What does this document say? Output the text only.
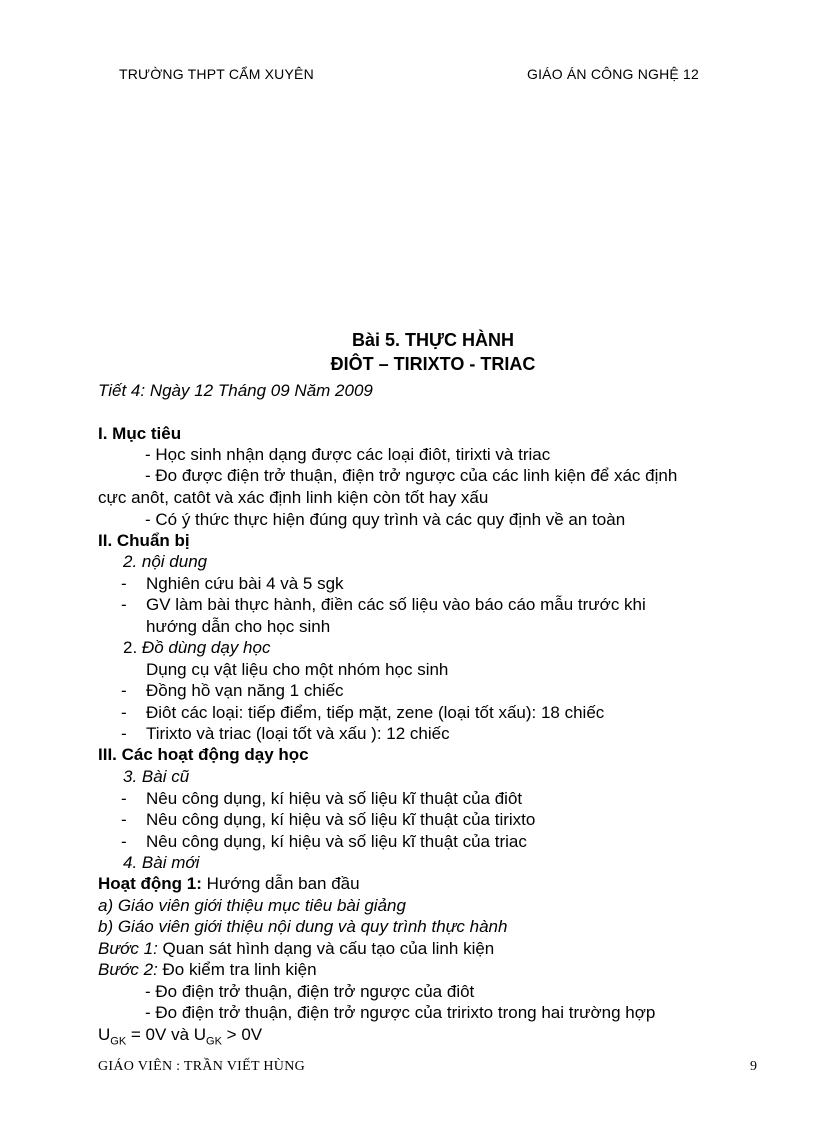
TRƯỜNG THPT CẨM XUYÊN	GIÁO ÁN CÔNG NGHỆ 12
Bài 5. THỰC HÀNH
ĐIÔT – TIRIXTO - TRIAC
Tiết 4: Ngày 12 Tháng 09 Năm 2009
I. Mục tiêu
- Học sinh nhận dạng được các loại điôt, tirixti và triac
- Đo được điện trở thuận, điện trở ngược của các linh kiện để xác định
cực anôt, catôt và xác định linh kiện còn tốt hay xấu
- Có ý thức thực hiện đúng quy trình và các quy định về an toàn
II. Chuẩn bị
2. nội dung
- Nghiên cứu bài 4 và 5 sgk
- GV làm bài thực hành, điền các số liệu vào báo cáo mẫu trước khi
hướng dẫn cho học sinh
2. Đồ dùng dạy học
Dụng cụ vật liệu cho một nhóm học sinh
- Đồng hồ vạn năng 1 chiếc
- Điôt các loại: tiếp điểm, tiếp mặt, zene (loại tốt xấu): 18 chiếc
- Tirixto và triac (loại tốt và xấu ): 12 chiếc
III. Các hoạt động dạy học
3. Bài cũ
- Nêu công dụng, kí hiệu và số liệu kĩ thuật của điôt
- Nêu công dụng, kí hiệu và số liệu kĩ thuật của tirixto
- Nêu công dụng, kí hiệu và số liệu kĩ thuật của triac
4. Bài mới
Hoạt động 1: Hướng dẫn ban đầu
a) Giáo viên giới thiệu mục tiêu bài giảng
b) Giáo viên giới thiệu nội dung và quy trình thực hành
Bước 1: Quan sát hình dạng và cấu tạo của linh kiện
Bước 2: Đo kiểm tra linh kiện
- Đo điện trở thuận, điện trở ngược của điôt
- Đo điện trở thuận, điện trở ngược của tririxto trong hai trường hợp
$U_{GK} = 0V$ và $U_{GK} > 0V$
GIÁO VIÊN : TRẦN VIẾT HÙNG	9
